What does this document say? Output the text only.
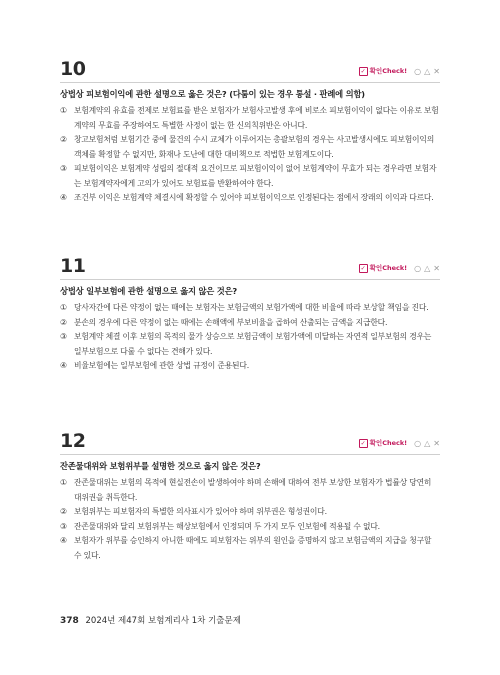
10	✓ 확인Check! ○ △ ✕
상법상 피보험이익에 관한 설명으로 옳은 것은? (다툼이 있는 경우 통설 · 판례에 의함)
① 보험계약의 유효를 전제로 보험료를 받은 보험자가 보험사고발생 후에 비로소 피보험이익이 없다는 이유로 보험계약의 무효를 주장하여도 특별한 사정이 없는 한 신의칙위반은 아니다.
② 창고보험처럼 보험기간 중에 물건의 수시 교체가 이루어지는 총괄보험의 경우는 사고발생시에도 피보험이익의 객체를 확정할 수 없지만, 화재나 도난에 대한 대비책으로 적법한 보험계도이다.
③ 피보험이익은 보험계약 성립의 절대적 요건이므로 피보험이익이 없어 보험계약이 무효가 되는 경우라면 보험자는 보험계약자에게 고의가 있어도 보험료를 반환하여야 한다.
④ 조건부 이익은 보험계약 체결시에 확정할 수 있어야 피보험이익으로 인정된다는 점에서 장래의 이익과 다르다.
11	✓ 확인Check! ○ △ ✕
상법상 일부보험에 관한 설명으로 옳지 않은 것은?
① 당사자간에 다른 약정이 없는 때에는 보험자는 보험금액의 보험가액에 대한 비율에 따라 보상할 책임을 진다.
② 분손의 경우에 다른 약정이 없는 때에는 손해액에 부보비율을 곱하여 산출되는 금액을 지급한다.
③ 보험계약 체결 이후 보험의 목적의 물가 상승으로 보험금액이 보험가액에 미달하는 자연적 일부보험의 경우는 일부보험으로 다룰 수 없다는 견해가 있다.
④ 비율보험에는 일부보험에 관한 상법 규정이 준용된다.
12	✓ 확인Check! ○ △ ✕
잔존물대위와 보험위부를 설명한 것으로 옳지 않은 것은?
① 잔존물대위는 보험의 목적에 현실전손이 발생하여야 하며 손해에 대하여 전부 보상한 보험자가 법률상 당연히 대위권을 취득한다.
② 보험위부는 피보험자의 특별한 의사표시가 있어야 하며 위부권은 형성권이다.
③ 잔존물대위와 달리 보험위부는 해상보험에서 인정되며 두 가지 모두 인보험에 적용될 수 없다.
④ 보험자가 위부를 승인하지 아니한 때에도 피보험자는 위부의 원인을 증명하지 않고 보험금액의 지급을 청구할 수 있다.
378 2024년 제47회 보험계리사 1차 기출문제
